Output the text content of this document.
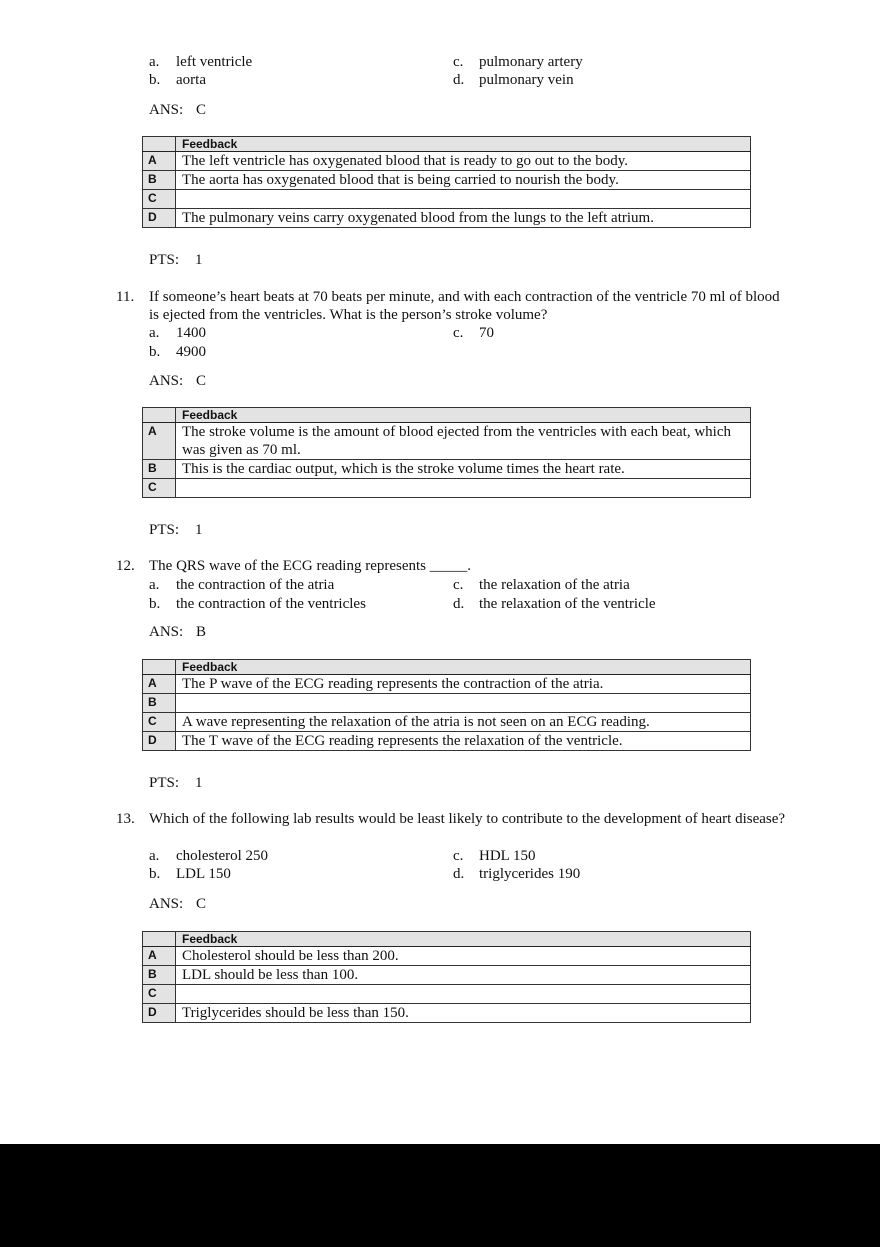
a. left ventricle
b. aorta
c. pulmonary artery
d. pulmonary vein
ANS: C
	Feedback
A	The left ventricle has oxygenated blood that is ready to go out to the body.
B	The aorta has oxygenated blood that is being carried to nourish the body.
C	
D	The pulmonary veins carry oxygenated blood from the lungs to the left atrium.
PTS: 1
11. If someone’s heart beats at 70 beats per minute, and with each contraction of the ventricle 70 ml of blood is ejected from the ventricles. What is the person’s stroke volume?
a. 1400
b. 4900
c. 70
ANS: C
	Feedback
A	The stroke volume is the amount of blood ejected from the ventricles with each beat, which was given as 70 ml.
B	This is the cardiac output, which is the stroke volume times the heart rate.
C	
PTS: 1
12. The QRS wave of the ECG reading represents _____.
a. the contraction of the atria
b. the contraction of the ventricles
c. the relaxation of the atria
d. the relaxation of the ventricle
ANS: B
	Feedback
A	The P wave of the ECG reading represents the contraction of the atria.
B	
C	A wave representing the relaxation of the atria is not seen on an ECG reading.
D	The T wave of the ECG reading represents the relaxation of the ventricle.
PTS: 1
13. Which of the following lab results would be least likely to contribute to the development of heart disease?
a. cholesterol 250
b. LDL 150
c. HDL 150
d. triglycerides 190
ANS: C
	Feedback
A	Cholesterol should be less than 200.
B	LDL should be less than 100.
C	
D	Triglycerides should be less than 150.
